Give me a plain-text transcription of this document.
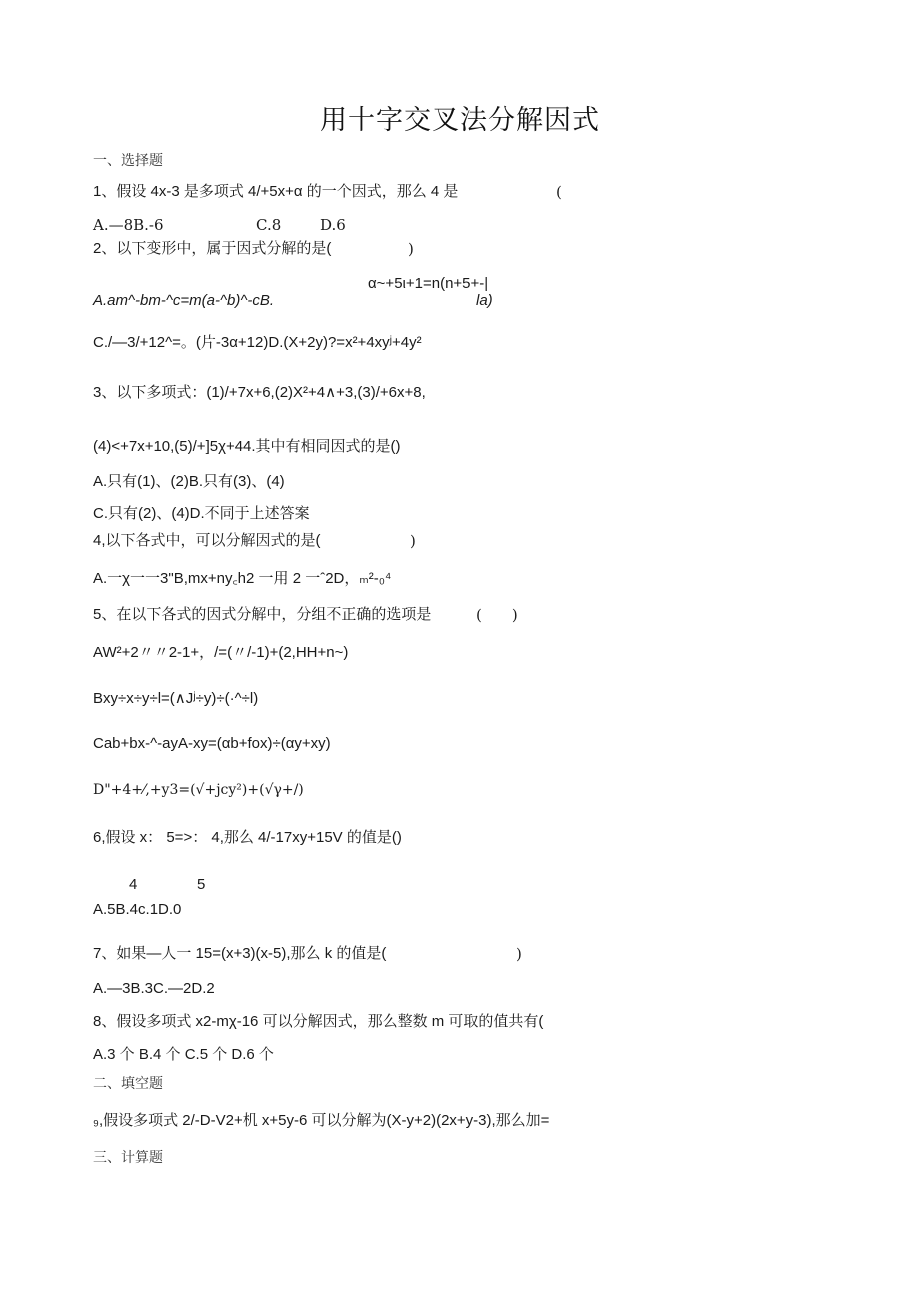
用十字交叉法分解因式
一、选择题
1、假设 4x-3 是多项式 4/+5x+α 的一个因式，那么 4 是	(
A.—8B.-6	C.8	D.6
2、以下变形中，属于因式分解的是(	)
α~+5ι+1=n(n+5+-|
A.am^-bm-^c=m(a-^b)^-cB.	la)
C./—3/+12^=。(片-3α+12)D.(X+2y)?=x²+4xyʲ+4y²
3、以下多项式：(1)/+7x+6,(2)X²+4∧+3,(3)/+6x+8,
(4)<+7x+10,(5)/+]5χ+44.其中有相同因式的是()
A.只有(1)、(2)B.只有(3)、(4)
C.只有(2)、(4)D.不同于上述答案
4,以下各式中，可以分解因式的是(	)
A.一χ一一3"B,mx+ny꜀h2 一用 2 一ˆ2D，ₘ²-₀⁴
5、在以下各式的因式分解中，分组不正确的选项是	(　　)
AW²+2〃〃2-1+，/=(〃/-1)+(2,HH+n~)
Bxy÷x÷y÷l=(∧Jʲ÷y)÷(·^÷l)
Cab+bx-^-ayA-xy=(αb+fox)÷(αy+xy)
D"+4+⁄,+y3=(√+jcy²)+(√γ+/)
6,假设 x： 5=>： 4,那么 4/-17xy+15V 的值是()
4	5
A.5B.4c.1D.0
7、如果—人一 15=(x+3)(x-5),那么 k 的值是(	)
A.—3B.3C.—2D.2
8、假设多项式 x2-mχ-16 可以分解因式，那么整数 m 可取的值共有(
A.3 个 B.4 个 C.5 个 D.6 个
二、填空题
₉,假设多项式 2/-D-V2+机 x+5y-6 可以分解为(X-y+2)(2x+y-3),那么加=
三、计算题
